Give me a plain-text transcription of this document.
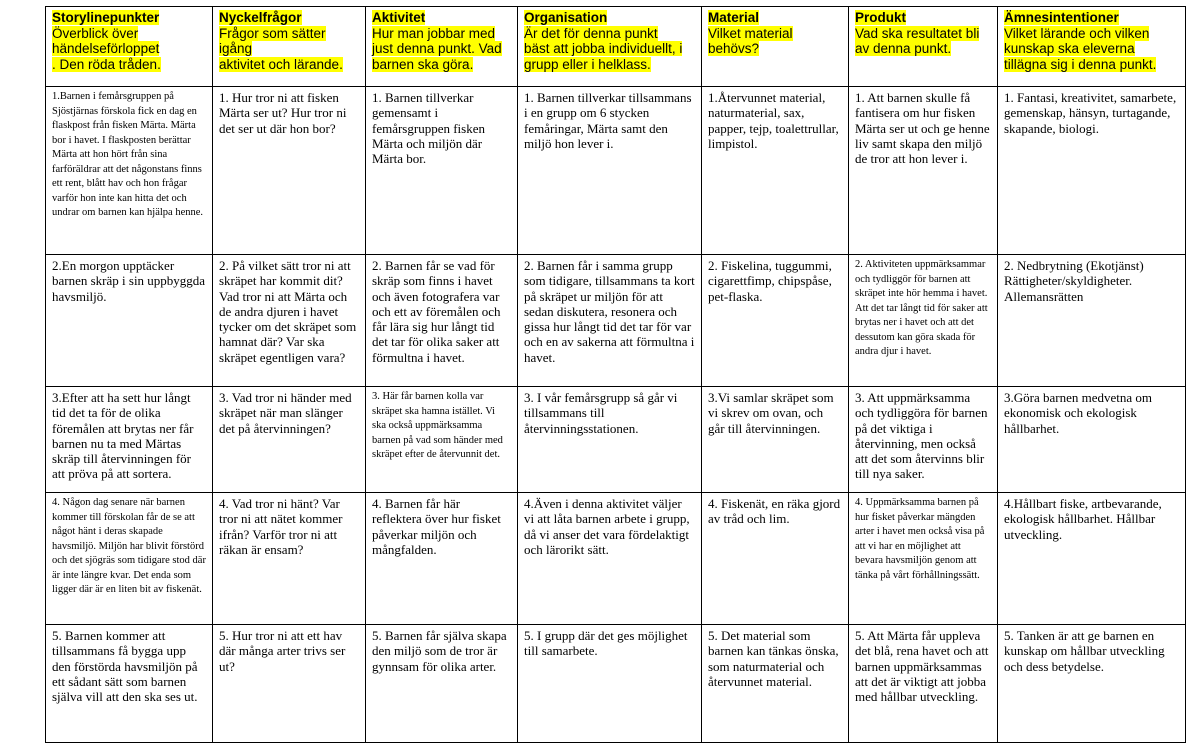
Storylinepunkter
Överblick över
händelseförloppet
. Den röda tråden.	Nyckelfrågor
Frågor som sätter igång
aktivitet och lärande.	Aktivitet
Hur man jobbar med
just denna punkt. Vad
barnen ska göra.	Organisation
Är det för denna punkt
bäst att jobba individuellt, i
grupp eller i helklass.	Material
Vilket material
behövs?	Produkt
Vad ska resultatet bli
av denna punkt.	Ämnesintentioner
Vilket lärande och vilken
kunskap ska eleverna
tillägna sig i denna punkt.
1.Barnen i femårsgruppen på Sjöstjärnas förskola fick en dag en flaskpost från fisken Märta. Märta bor i havet. I flaskposten berättar Märta att hon hört från sina farföräldrar att det någonstans finns ett rent, blått hav och hon frågar varför hon inte kan hitta det och undrar om barnen kan hjälpa henne.	1. Hur tror ni att fisken Märta ser ut? Hur tror ni det ser ut där hon bor?	1. Barnen tillverkar gemensamt i femårsgruppen fisken Märta och miljön där Märta bor.	1. Barnen tillverkar tillsammans i en grupp om 6 stycken femåringar, Märta samt den miljö hon lever i.	1.Återvunnet material, naturmaterial, sax, papper, tejp, toalettrullar, limpistol.	1. Att barnen skulle få fantisera om hur fisken Märta ser ut och ge henne liv samt skapa den miljö de tror att hon lever i.	1. Fantasi, kreativitet, samarbete, gemenskap, hänsyn, turtagande, skapande, biologi.
2.En morgon upptäcker barnen skräp i sin uppbyggda havsmiljö.	2. På vilket sätt tror ni att skräpet har kommit dit? Vad tror ni att Märta och de andra djuren i havet tycker om det skräpet som hamnat där? Var ska skräpet egentligen vara?	2. Barnen får se vad för skräp som finns i havet och även fotografera var och ett av föremålen och får lära sig hur långt tid det tar för olika saker att förmultna i havet.	2. Barnen får i samma grupp som tidigare, tillsammans ta kort på skräpet ur miljön för att sedan diskutera, resonera och gissa hur långt tid det tar för var och en av sakerna att förmultna i havet.	2. Fiskelina, tuggummi, cigarettfimp, chipspåse, pet-flaska.	2. Aktiviteten uppmärksammar och tydliggör för barnen att skräpet inte hör hemma i havet. Att det tar långt tid för saker att brytas ner i havet och att det dessutom kan göra skada för andra djur i havet.	2. Nedbrytning (Ekotjänst) Rättigheter/skyldigheter. Allemansrätten
3.Efter att ha sett hur långt tid det ta för de olika föremålen att brytas ner får barnen nu ta med Märtas skräp till återvinningen för att pröva på att sortera.	3. Vad tror ni händer med skräpet när man slänger det på återvinningen?	3. Här får barnen kolla var skräpet ska hamna istället. Vi ska också uppmärksamma barnen på vad som händer med skräpet efter de återvunnit det.	3. I vår femårsgrupp så går vi tillsammans till återvinningsstationen.	3.Vi samlar skräpet som vi skrev om ovan, och går till återvinningen.	3. Att uppmärksamma och tydliggöra för barnen på det viktiga i återvinning, men också att det som återvinns blir till nya saker.	3.Göra barnen medvetna om ekonomisk och ekologisk hållbarhet.
4. Någon dag senare när barnen kommer till förskolan får de se att något hänt i deras skapade havsmiljö. Miljön har blivit förstörd och det sjögräs som tidigare stod där är inte längre kvar. Det enda som ligger där är en liten bit av fiskenät.	4. Vad tror ni hänt? Var tror ni att nätet kommer ifrån? Varför tror ni att räkan är ensam?	4. Barnen får här reflektera över hur fisket påverkar miljön och mångfalden.	4.Även i denna aktivitet väljer vi att låta barnen arbete i grupp, då vi anser det vara fördelaktigt och lärorikt sätt.	4. Fiskenät, en räka gjord av tråd och lim.	4. Uppmärksamma barnen på hur fisket påverkar mängden arter i havet men också visa på att vi har en möjlighet att bevara havsmiljön genom att tänka på vårt förhållningssätt.	4.Hållbart fiske, artbevarande, ekologisk hållbarhet. Hållbar utveckling.
5. Barnen kommer att tillsammans få bygga upp den förstörda havsmiljön på ett sådant sätt som barnen själva vill att den ska ses ut.	5. Hur tror ni att ett hav där många arter trivs ser ut?	5. Barnen får själva skapa den miljö som de tror är gynnsam för olika arter.	5. I grupp där det ges möjlighet till samarbete.	5. Det material som barnen kan tänkas önska, som naturmaterial och återvunnet material.	5. Att Märta får uppleva det blå, rena havet och att barnen uppmärksammas att det är viktigt att jobba med hållbar utveckling.	5. Tanken är att ge barnen en kunskap om hållbar utveckling och dess betydelse.
